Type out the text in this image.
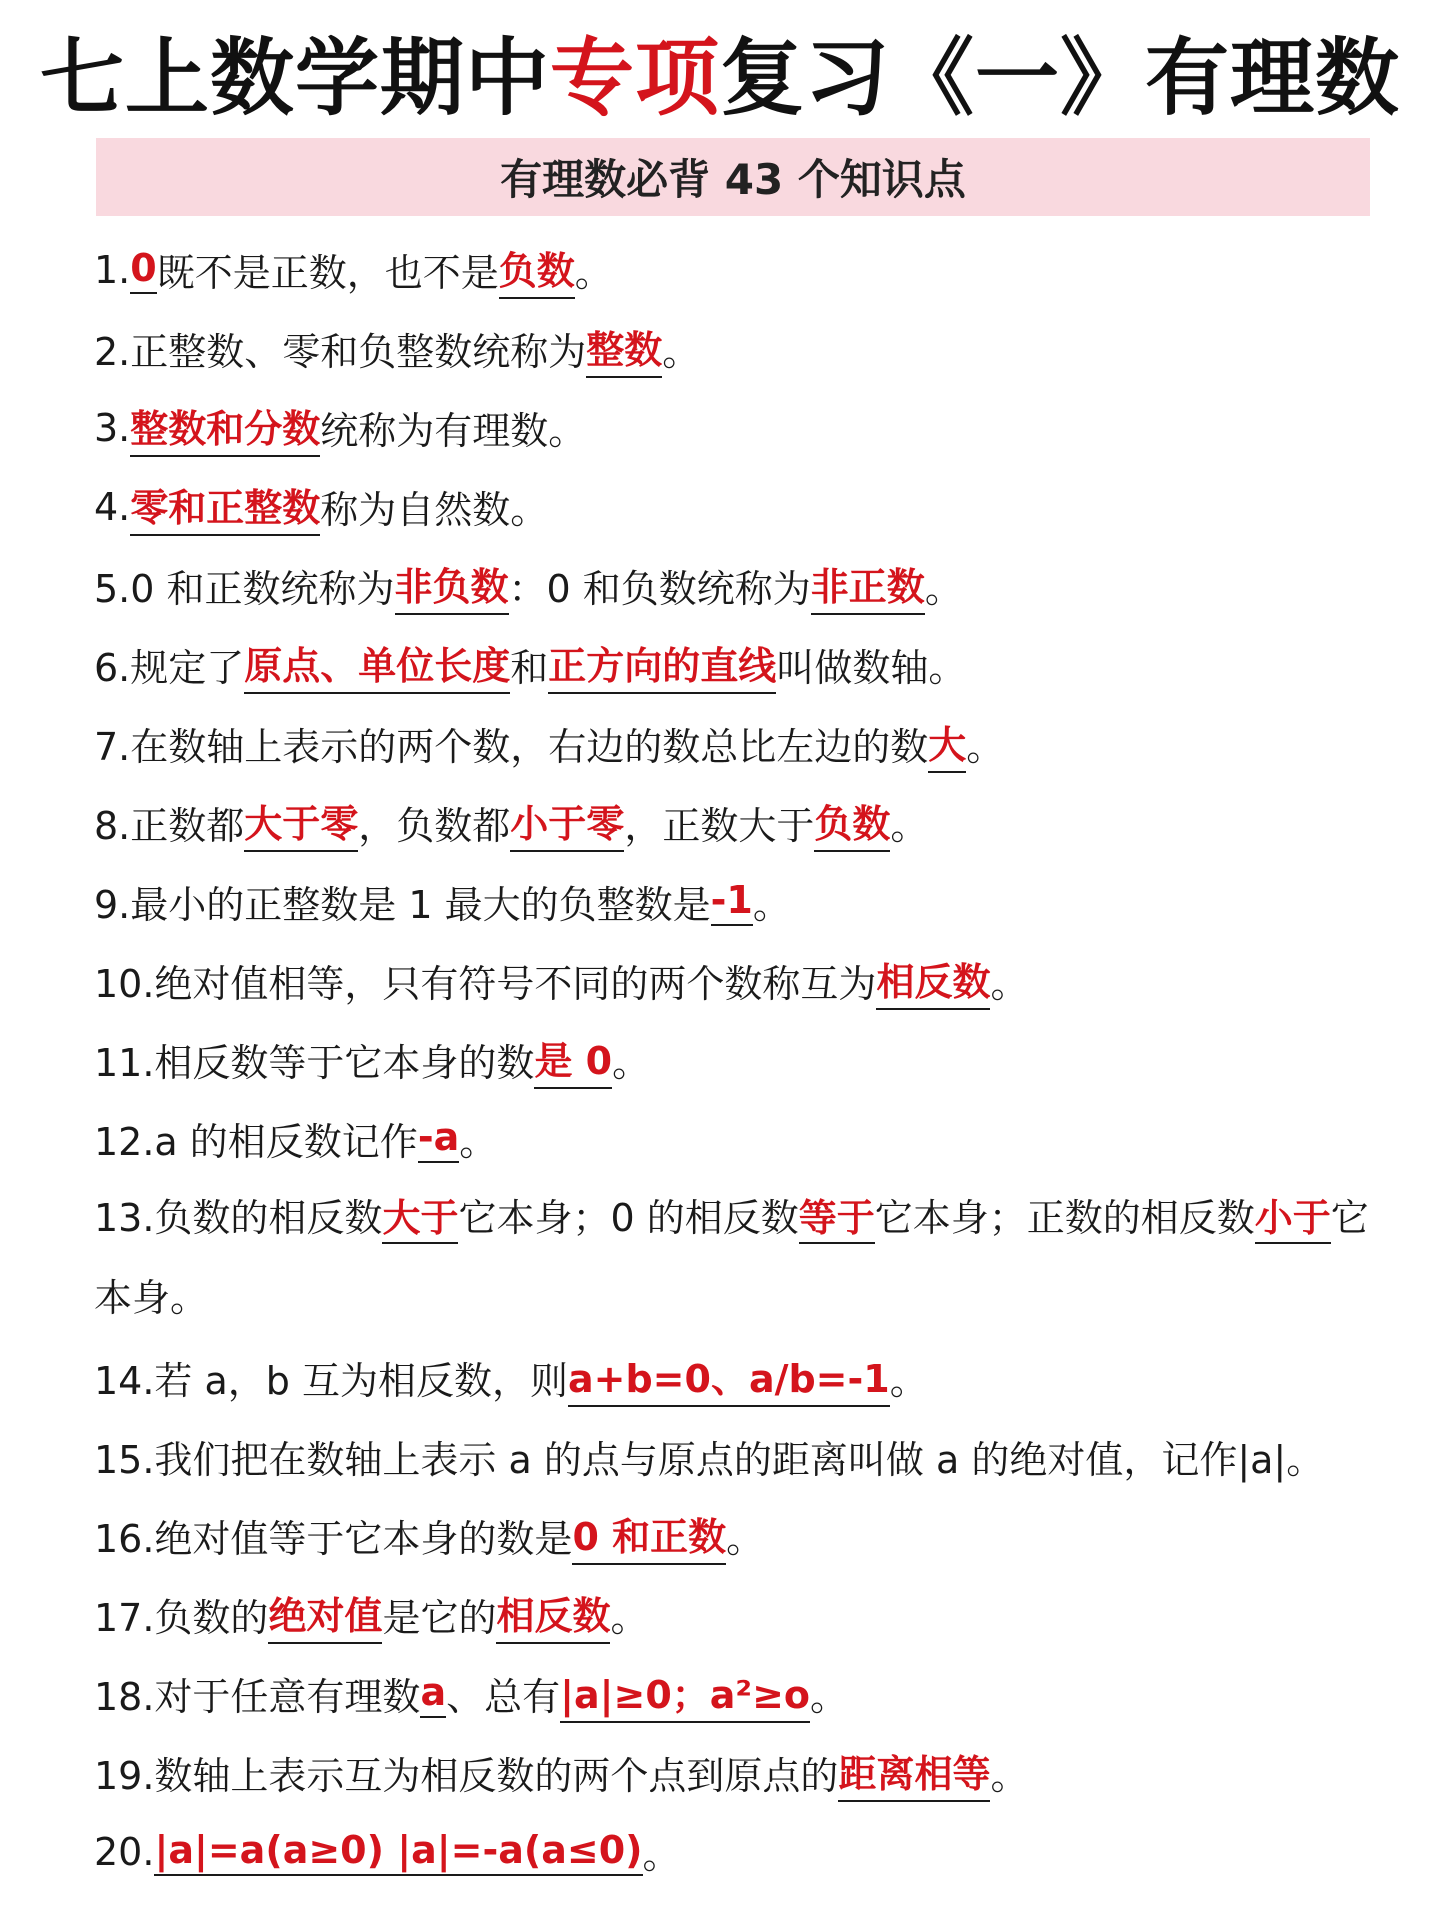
七上数学期中专项复习《一》有理数
有理数必背 43 个知识点
1. 0 既不是正数，也不是 负数 。
2.正整数、零和负整数统称为 整数 。
3. 整数和分数 统称为有理数。
4. 零和正整数 称为自然数。
5.0 和正数统称为 非负数 ：0 和负数统称为 非正数 。
6.规定了 原点、单位长度 和 正方向的直线 叫做数轴。
7.在数轴上表示的两个数，右边的数总比左边的数 大 。
8.正数都 大于零 ，负数都 小于零 ，正数大于 负数 。
9.最小的正整数是 1 最大的负整数是 -1 。
10.绝对值相等，只有符号不同的两个数称互为 相反数 。
11.相反数等于它本身的数 是 0 。
12.a 的相反数记作 -a 。
13.负数的相反数大于它本身；0 的相反数等于它本身；正数的相反数小于它本身。
14.若 a，b 互为相反数，则 a+b=0、a/b=-1 。
15.我们把在数轴上表示 a 的点与原点的距离叫做 a 的绝对值，记作|a|。
16.绝对值等于它本身的数是 0 和正数 。
17.负数的 绝对值 是它的 相反数 。
18.对于任意有理数 a 、总有 |a|≥0；a²≥o 。
19.数轴上表示互为相反数的两个点到原点的 距离相等 。
20. |a|=a(a≥0) |a|=-a(a≤0) 。
